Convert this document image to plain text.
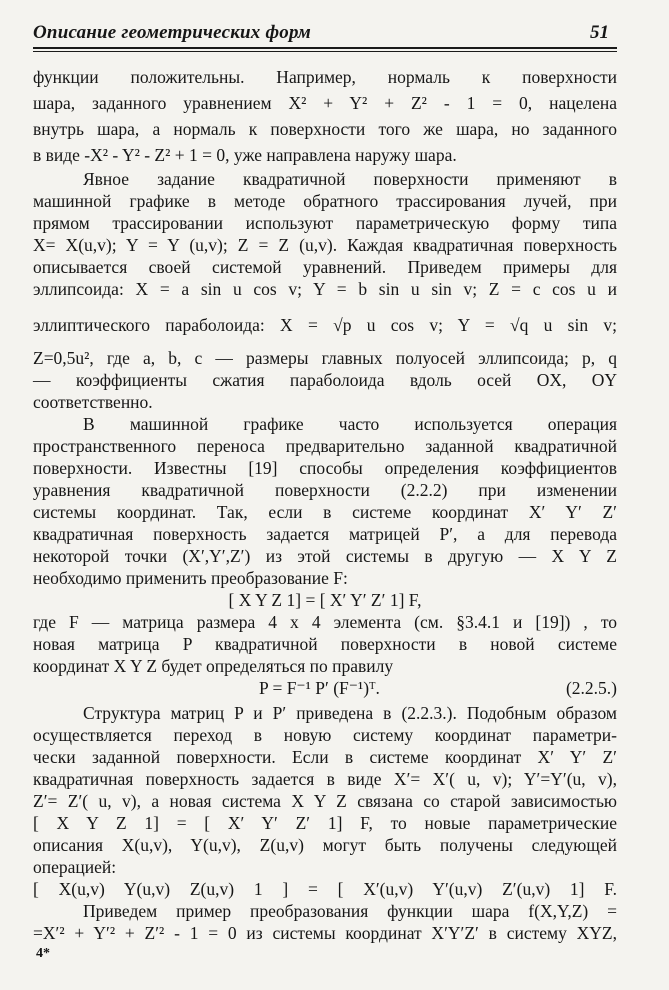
Описание геометрических форм	51
функции положительны. Например, нормаль к поверхности
шара, заданного уравнением X² + Y² + Z² - 1 = 0, нацелена
внутрь шара, а нормаль к поверхности того же шара, но заданного
в виде -X² - Y² - Z² + 1 = 0, уже направлена наружу шара.
Явное задание квадратичной поверхности применяют в
машинной графике в методе обратного трассирования лучей, при
прямом трассировании используют параметрическую форму типа
X= X(u,v); Y = Y (u,v); Z = Z (u,v). Каждая квадратичная поверхность
описывается своей системой уравнений. Приведем примеры для
эллипсоида: X = a sin u cos v; Y = b sin u sin v; Z = c cos u и
эллиптического параболоида: X = √p u cos v; Y = √q u sin v;
Z=0,5u², где a, b, c — размеры главных полуосей эллипсоида; p, q
— коэффициенты сжатия параболоида вдоль осей OX, OY
соответственно.
В машинной графике часто используется операция
пространственного переноса предварительно заданной квадратичной
поверхности. Известны [19] способы определения коэффициентов
уравнения квадратичной поверхности (2.2.2) при изменении
системы координат. Так, если в системе координат X′ Y′ Z′
квадратичная поверхность задается матрицей P′, а для перевода
некоторой точки (X′,Y′,Z′) из этой системы в другую — X Y Z
необходимо применить преобразование F:
[ X Y Z 1] = [ X′ Y′ Z′ 1] F,
где F — матрица размера 4 x 4 элемента (см. §3.4.1 и [19]) , то
новая матрица P квадратичной поверхности в новой системе
координат X Y Z будет определяться по правилу
P = F⁻¹ P′ (F⁻¹)ᵀ.	(2.2.5.)
Структура матриц P и P′ приведена в (2.2.3.). Подобным образом
осуществляется переход в новую систему координат параметри-
чески заданной поверхности. Если в системе координат X′ Y′ Z′
квадратичная поверхность задается в виде X′= X′( u, v); Y′=Y′(u, v),
Z′= Z′( u, v), а новая система X Y Z связана со старой зависимостью
[ X Y Z 1] = [ X′ Y′ Z′ 1] F, то новые параметрические
описания X(u,v), Y(u,v), Z(u,v) могут быть получены следующей
операцией:
[ X(u,v) Y(u,v) Z(u,v) 1 ] = [ X′(u,v) Y′(u,v) Z′(u,v) 1] F.
Приведем пример преобразования функции шара f(X,Y,Z) =
=X′² + Y′² + Z′² - 1 = 0 из системы координат X′Y′Z′ в систему XYZ,
4*
